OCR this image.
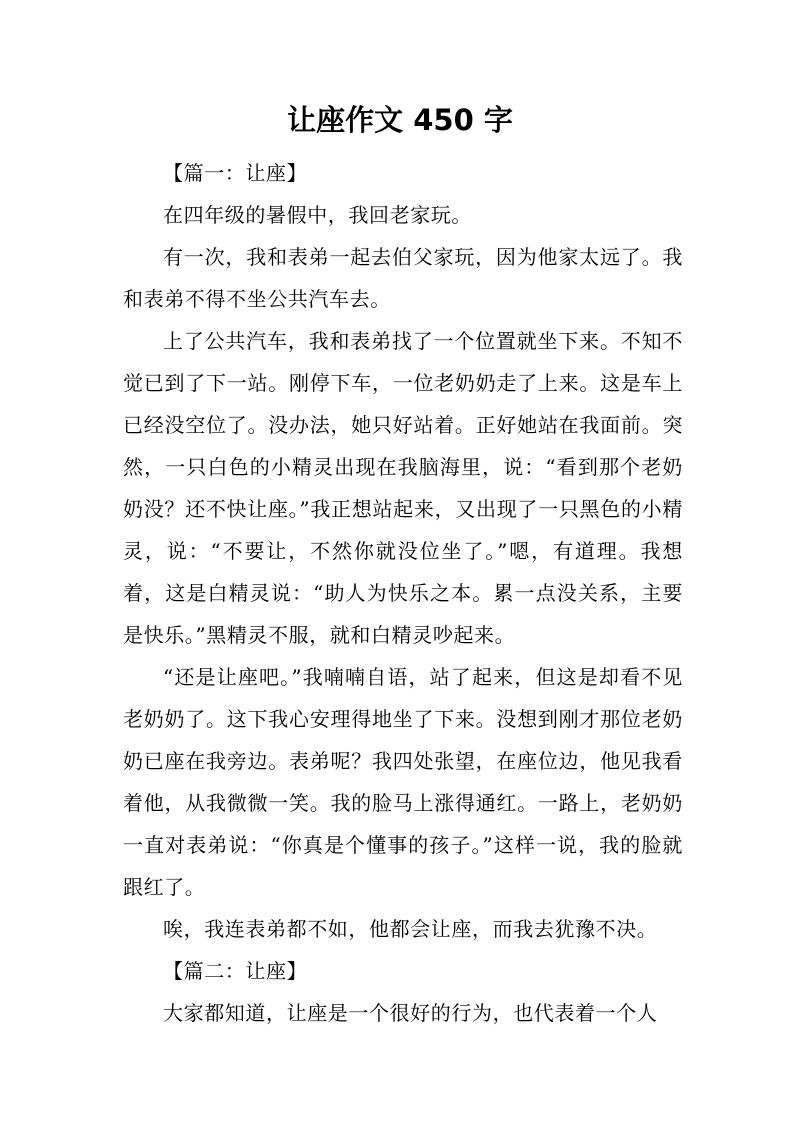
让座作文 450 字

【篇一：让座】

在四年级的暑假中，我回老家玩。

有一次，我和表弟一起去伯父家玩，因为他家太远了。我和表弟不得不坐公共汽车去。

上了公共汽车，我和表弟找了一个位置就坐下来。不知不觉已到了下一站。刚停下车，一位老奶奶走了上来。这是车上已经没空位了。没办法，她只好站着。正好她站在我面前。突然，一只白色的小精灵出现在我脑海里，说：“看到那个老奶奶没？还不快让座。”我正想站起来，又出现了一只黑色的小精灵，说：“不要让，不然你就没位坐了。”嗯，有道理。我想着，这是白精灵说：“助人为快乐之本。累一点没关系，主要是快乐。”黑精灵不服，就和白精灵吵起来。

“还是让座吧。”我喃喃自语，站了起来，但这是却看不见老奶奶了。这下我心安理得地坐了下来。没想到刚才那位老奶奶已座在我旁边。表弟呢？我四处张望，在座位边，他见我看着他，从我微微一笑。我的脸马上涨得通红。一路上，老奶奶一直对表弟说：“你真是个懂事的孩子。”这样一说，我的脸就跟红了。

唉，我连表弟都不如，他都会让座，而我去犹豫不决。

【篇二：让座】

大家都知道，让座是一个很好的行为，也代表着一个人
